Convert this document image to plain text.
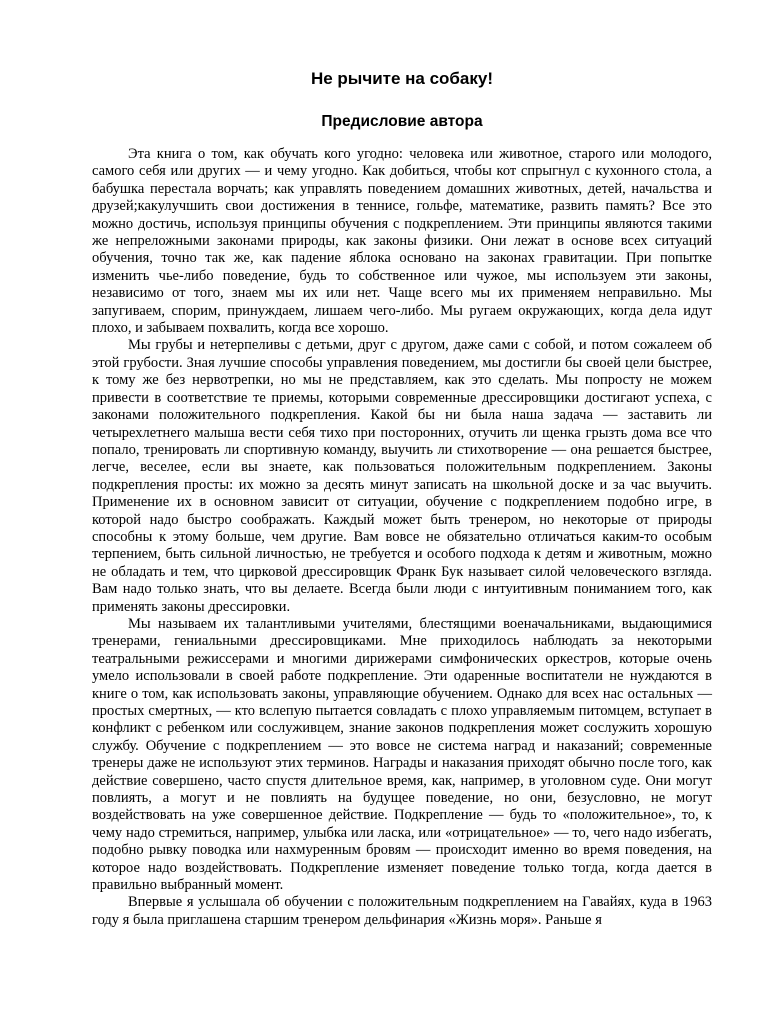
Не рычите на собаку!
Предисловие автора

Эта книга о том, как обучать кого угодно: человека или животное, старого или молодого, самого себя или других — и чему угодно. Как добиться, чтобы кот спрыгнул с кухонного стола, а бабушка перестала ворчать; как управлять поведением домашних животных, детей, начальства и друзей;какулучшить свои достижения в теннисе, гольфе, математике, развить память? Все это можно достичь, используя принципы обучения с подкреплением. Эти принципы являются такими же непреложными законами природы, как законы физики. Они лежат в основе всех ситуаций обучения, точно так же, как падение яблока основано на законах гравитации. При попытке изменить чье-либо поведение, будь то собственное или чужое, мы используем эти законы, независимо от того, знаем мы их или нет. Чаще всего мы их применяем неправильно. Мы запугиваем, спорим, принуждаем, лишаем чего-либо. Мы ругаем окружающих, когда дела идут плохо, и забываем похвалить, когда все хорошо.

Мы грубы и нетерпеливы с детьми, друг с другом, даже сами с собой, и потом сожалеем об этой грубости. Зная лучшие способы управления поведением, мы достигли бы своей цели быстрее, к тому же без нервотрепки, но мы не представляем, как это сделать. Мы попросту не можем привести в соответствие те приемы, которыми современные дрессировщики достигают успеха, с законами положительного подкрепления. Какой бы ни была наша задача — заставить ли четырехлетнего малыша вести себя тихо при посторонних, отучить ли щенка грызть дома все что попало, тренировать ли спортивную команду, выучить ли стихотворение — она решается быстрее, легче, веселее, если вы знаете, как пользоваться положительным подкреплением. Законы подкрепления просты: их можно за десять минут записать на школьной доске и за час выучить. Применение их в основном зависит от ситуации, обучение с подкреплением подобно игре, в которой надо быстро соображать. Каждый может быть тренером, но некоторые от природы способны к этому больше, чем другие. Вам вовсе не обязательно отличаться каким-то особым терпением, быть сильной личностью, не требуется и особого подхода к детям и животным, можно не обладать и тем, что цирковой дрессировщик Франк Бук называет силой человеческого взгляда. Вам надо только знать, что вы делаете. Всегда были люди с интуитивным пониманием того, как применять законы дрессировки.

Мы называем их талантливыми учителями, блестящими военачальниками, выдающимися тренерами, гениальными дрессировщиками. Мне приходилось наблюдать за некоторыми театральными режиссерами и многими дирижерами симфонических оркестров, которые очень умело использовали в своей работе подкрепление. Эти одаренные воспитатели не нуждаются в книге о том, как использовать законы, управляющие обучением. Однако для всех нас остальных — простых смертных, — кто вслепую пытается совладать с плохо управляемым питомцем, вступает в конфликт с ребенком или сослуживцем, знание законов подкрепления может сослужить хорошую службу. Обучение с подкреплением — это вовсе не система наград и наказаний; современные тренеры даже не используют этих терминов. Награды и наказания приходят обычно после того, как действие совершено, часто спустя длительное время, как, например, в уголовном суде. Они могут повлиять, а могут и не повлиять на будущее поведение, но они, безусловно, не могут воздействовать на уже совершенное действие. Подкрепление — будь то «положительное», то, к чему надо стремиться, например, улыбка или ласка, или «отрицательное» — то, чего надо избегать, подобно рывку поводка или нахмуренным бровям — происходит именно во время поведения, на которое надо воздействовать. Подкрепление изменяет поведение только тогда, когда дается в правильно выбранный момент.

Впервые я услышала об обучении с положительным подкреплением на Гавайях, куда в 1963 году я была приглашена старшим тренером дельфинария «Жизнь моря». Раньше я
